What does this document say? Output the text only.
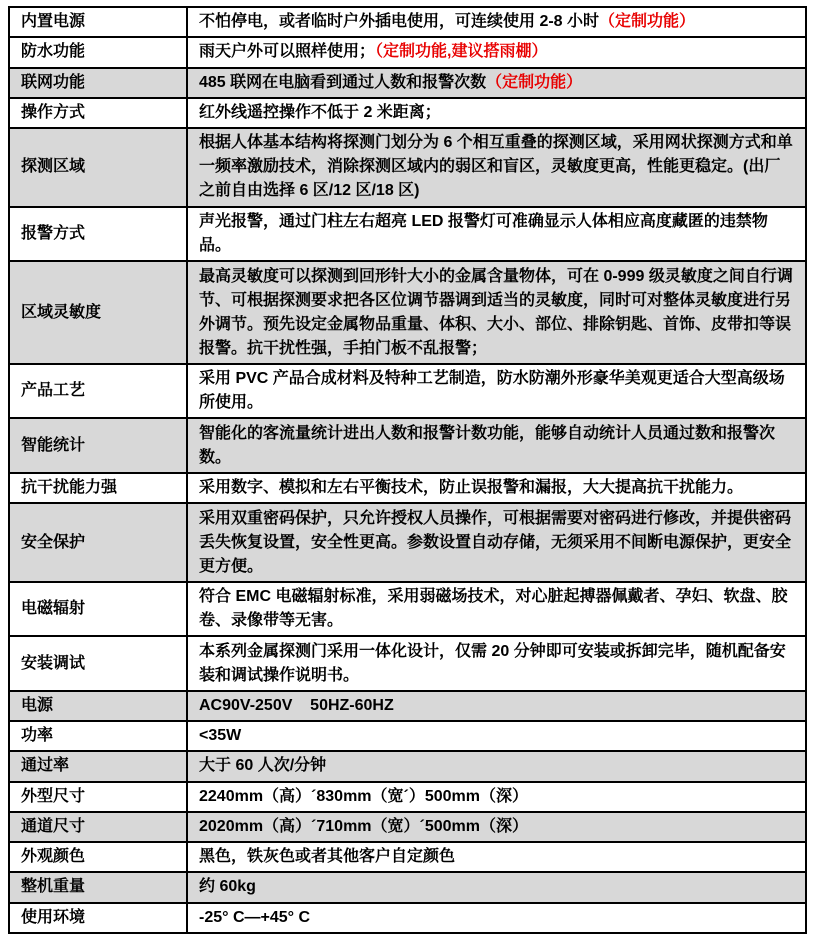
内置电源	不怕停电，或者临时户外插电使用，可连续使用 2-8 小时（定制功能）
防水功能	雨天户外可以照样使用；（定制功能,建议搭雨棚）
联网功能	485 联网在电脑看到通过人数和报警次数（定制功能）
操作方式	红外线遥控操作不低于 2 米距离；
探测区域	根据人体基本结构将探测门划分为 6 个相互重叠的探测区域，采用网状探测方式和单一频率激励技术，消除探测区域内的弱区和盲区，灵敏度更高，性能更稳定。(出厂之前自由选择 6 区/12 区/18 区)
报警方式	声光报警，通过门柱左右超亮 LED 报警灯可准确显示人体相应高度藏匿的违禁物品。
区域灵敏度	最高灵敏度可以探测到回形针大小的金属含量物体，可在 0-999 级灵敏度之间自行调节、可根据探测要求把各区位调节器调到适当的灵敏度，同时可对整体灵敏度进行另外调节。预先设定金属物品重量、体积、大小、部位、排除钥匙、首饰、皮带扣等误报警。抗干扰性强，手拍门板不乱报警；
产品工艺	采用 PVC 产品合成材料及特种工艺制造，防水防潮外形豪华美观更适合大型高级场所使用。
智能统计	智能化的客流量统计进出人数和报警计数功能，能够自动统计人员通过数和报警次数。
抗干扰能力强	采用数字、模拟和左右平衡技术，防止误报警和漏报，大大提高抗干扰能力。
安全保护	采用双重密码保护，只允许授权人员操作，可根据需要对密码进行修改，并提供密码丢失恢复设置，安全性更高。参数设置自动存储，无须采用不间断电源保护，更安全更方便。
电磁辐射	符合 EMC 电磁辐射标准，采用弱磁场技术，对心脏起搏器佩戴者、孕妇、软盘、胶卷、录像带等无害。
安装调试	本系列金属探测门采用一体化设计，仅需 20 分钟即可安装或拆卸完毕，随机配备安装和调试操作说明书。
电源	AC90V-250V    50HZ-60HZ
功率	<35W
通过率	大于 60 人次/分钟
外型尺寸	2240mm（高）´830mm（宽´）500mm（深）
通道尺寸	2020mm（高）´710mm（宽）´500mm（深）
外观颜色	黑色，铁灰色或者其他客户自定颜色
整机重量	约 60kg
使用环境	-25° C—+45° C
